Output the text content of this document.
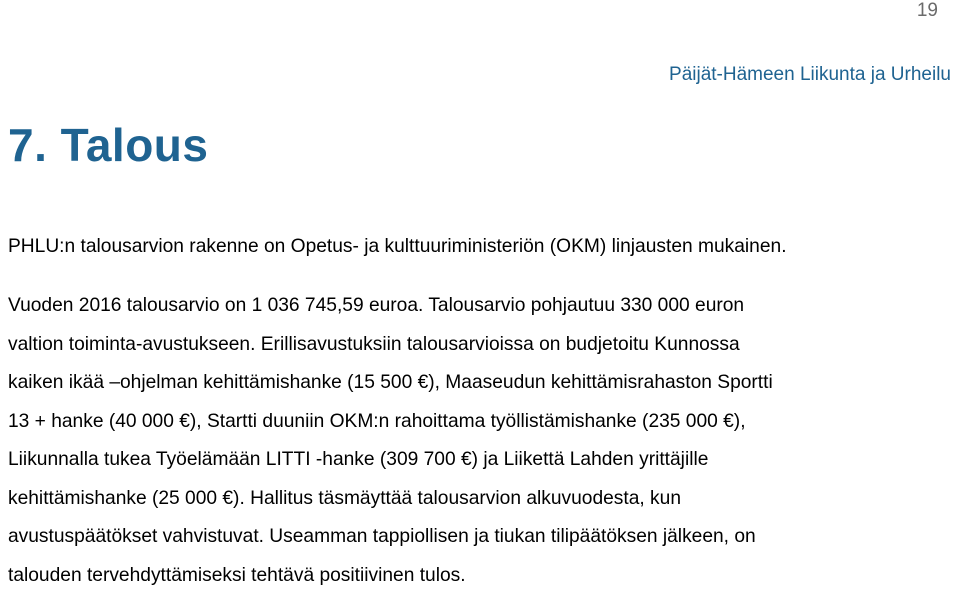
19
Päijät-Hämeen Liikunta ja Urheilu
7. Talous

PHLU:n talousarvion rakenne on Opetus- ja kulttuuriministeriön (OKM) linjausten mukainen.

Vuoden 2016 talousarvio on 1 036 745,59 euroa. Talousarvio pohjautuu 330 000 euron
valtion toiminta-avustukseen. Erillisavustuksiin talousarvioissa on budjetoitu Kunnossa
kaiken ikää –ohjelman kehittämishanke (15 500 €), Maaseudun kehittämisrahaston Sportti
13 + hanke (40 000 €), Startti duuniin OKM:n rahoittama työllistämishanke (235 000 €),
Liikunnalla tukea Työelämään LITTI -hanke (309 700 €) ja Liikettä Lahden yrittäjille
kehittämishanke (25 000 €). Hallitus täsmäyttää talousarvion alkuvuodesta, kun
avustuspäätökset vahvistuvat. Useamman tappiollisen ja tiukan tilipäätöksen jälkeen, on
talouden tervehdyttämiseksi tehtävä positiivinen tulos.
